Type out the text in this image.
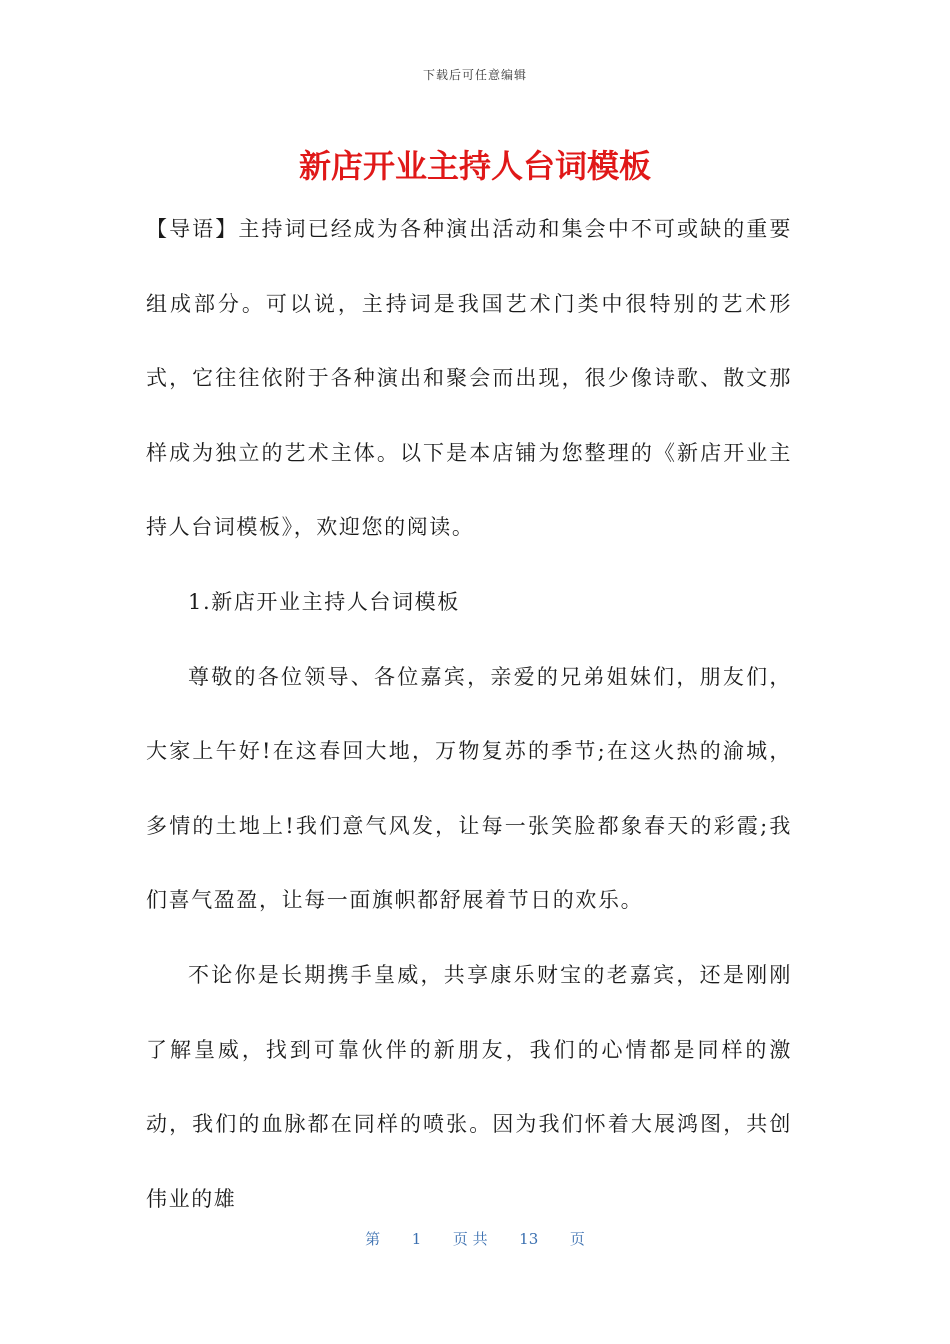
下载后可任意编辑
新店开业主持人台词模板

【导语】主持词已经成为各种演出活动和集会中不可或缺的重要组成部分。可以说，主持词是我国艺术门类中很特别的艺术形式，它往往依附于各种演出和聚会而出现，很少像诗歌、散文那样成为独立的艺术主体。以下是本店铺为您整理的《新店开业主持人台词模板》，欢迎您的阅读。

1.新店开业主持人台词模板

尊敬的各位领导、各位嘉宾，亲爱的兄弟姐妹们，朋友们，大家上午好!在这春回大地，万物复苏的季节;在这火热的渝城，多情的土地上!我们意气风发，让每一张笑脸都象春天的彩霞;我们喜气盈盈，让每一面旗帜都舒展着节日的欢乐。

不论你是长期携手皇威，共享康乐财宝的老嘉宾，还是刚刚了解皇威，找到可靠伙伴的新朋友，我们的心情都是同样的激动，我们的血脉都在同样的喷张。因为我们怀着大展鸿图，共创伟业的雄

第 1 页 共 13 页
